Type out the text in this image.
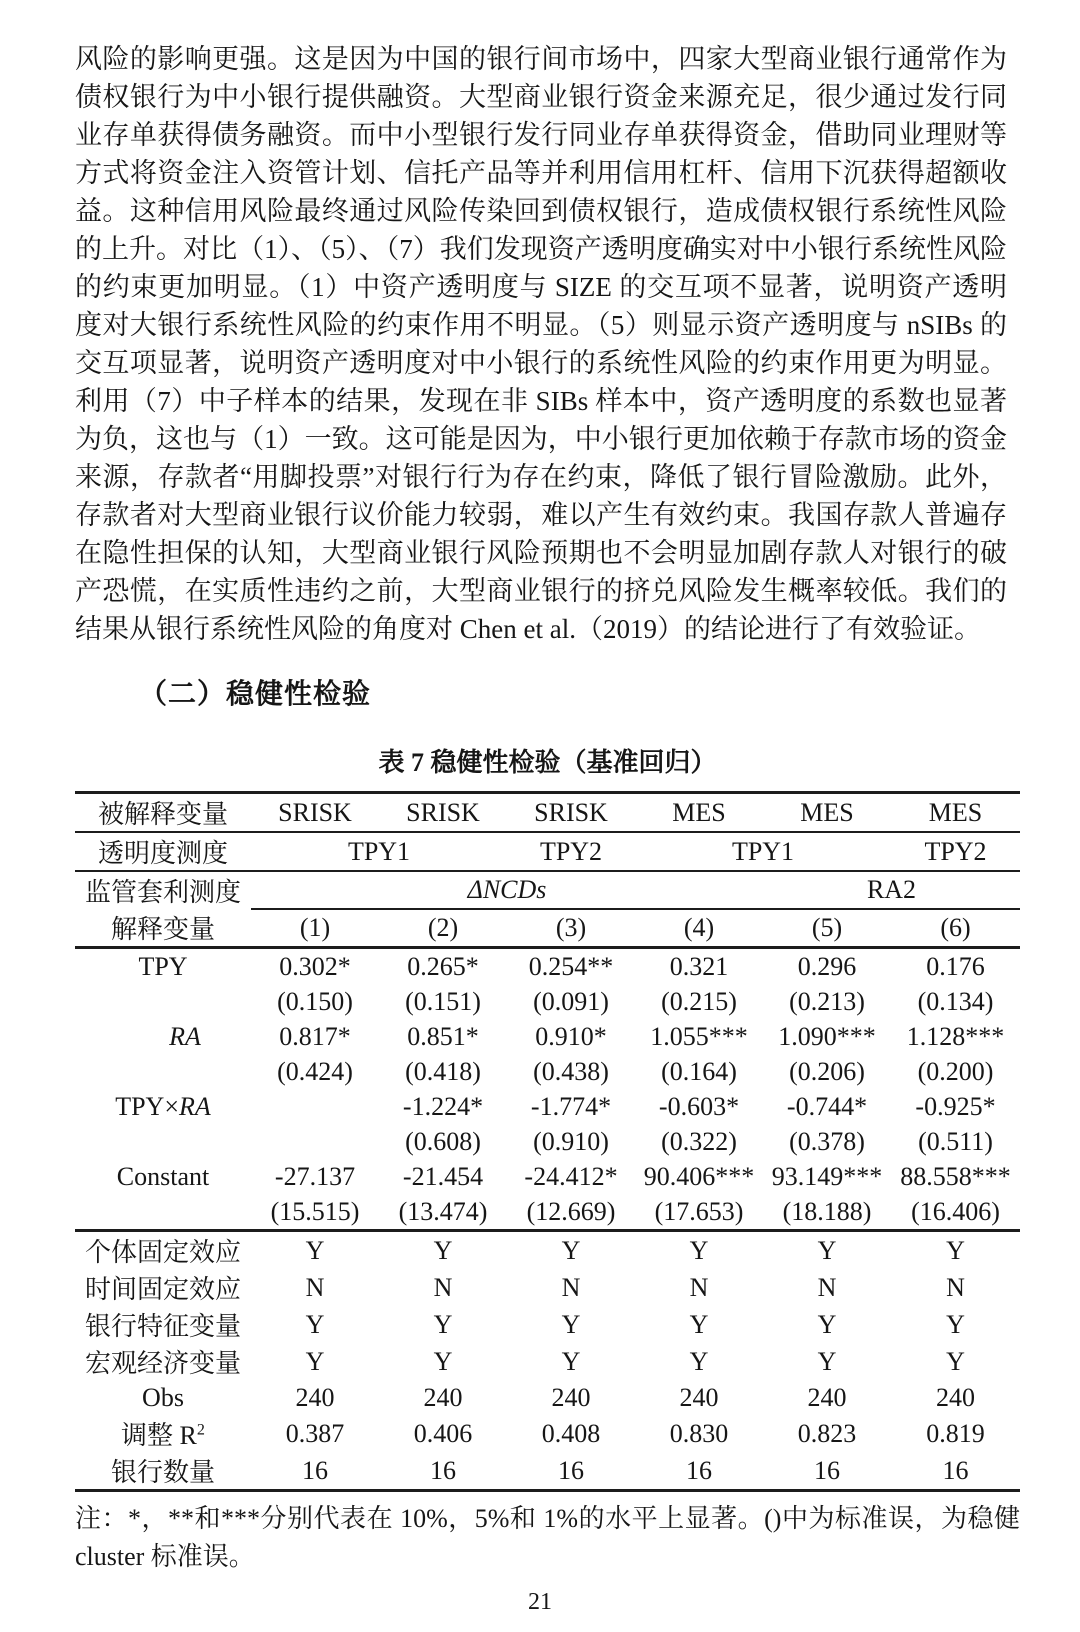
风险的影响更强。这是因为中国的银行间市场中，四家大型商业银行通常作为债权银行为中小银行提供融资。大型商业银行资金来源充足，很少通过发行同业存单获得债务融资。而中小型银行发行同业存单获得资金，借助同业理财等方式将资金注入资管计划、信托产品等并利用信用杠杆、信用下沉获得超额收益。这种信用风险最终通过风险传染回到债权银行，造成债权银行系统性风险的上升。对比（1）、（5）、（7）我们发现资产透明度确实对中小银行系统性风险的约束更加明显。（1）中资产透明度与 SIZE 的交互项不显著，说明资产透明度对大银行系统性风险的约束作用不明显。（5）则显示资产透明度与 nSIBs 的交互项显著，说明资产透明度对中小银行的系统性风险的约束作用更为明显。利用（7）中子样本的结果，发现在非 SIBs 样本中，资产透明度的系数也显著为负，这也与（1）一致。这可能是因为，中小银行更加依赖于存款市场的资金来源，存款者“用脚投票”对银行行为存在约束，降低了银行冒险激励。此外，存款者对大型商业银行议价能力较弱，难以产生有效约束。我国存款人普遍存在隐性担保的认知，大型商业银行风险预期也不会明显加剧存款人对银行的破产恐慌，在实质性违约之前，大型商业银行的挤兑风险发生概率较低。我们的结果从银行系统性风险的角度对 Chen et al.（2019）的结论进行了有效验证。
（二）稳健性检验
表 7 稳健性检验（基准回归）
被解释变量	SRISK	SRISK	SRISK	MES	MES	MES
透明度测度	TPY1		TPY2	TPY1		TPY2
监管套利测度		ΔNCDs			RA2	
解释变量	(1)	(2)	(3)	(4)	(5)	(6)
TPY	0.302*	0.265*	0.254**	0.321	0.296	0.176
	(0.150)	(0.151)	(0.091)	(0.215)	(0.213)	(0.134)
RA	0.817*	0.851*	0.910*	1.055***	1.090***	1.128***
	(0.424)	(0.418)	(0.438)	(0.164)	(0.206)	(0.200)
TPY×RA		-1.224*	-1.774*	-0.603*	-0.744*	-0.925*
		(0.608)	(0.910)	(0.322)	(0.378)	(0.511)
Constant	-27.137	-21.454	-24.412*	90.406***	93.149***	88.558***
	(15.515)	(13.474)	(12.669)	(17.653)	(18.188)	(16.406)
个体固定效应	Y	Y	Y	Y	Y	Y
时间固定效应	N	N	N	N	N	N
银行特征变量	Y	Y	Y	Y	Y	Y
宏观经济变量	Y	Y	Y	Y	Y	Y
Obs	240	240	240	240	240	240
调整 $R^2$	0.387	0.406	0.408	0.830	0.823	0.819
银行数量	16	16	16	16	16	16
注：*，**和***分别代表在 10%，5%和 1%的水平上显著。()中为标准误，为稳健 cluster 标准误。
21
